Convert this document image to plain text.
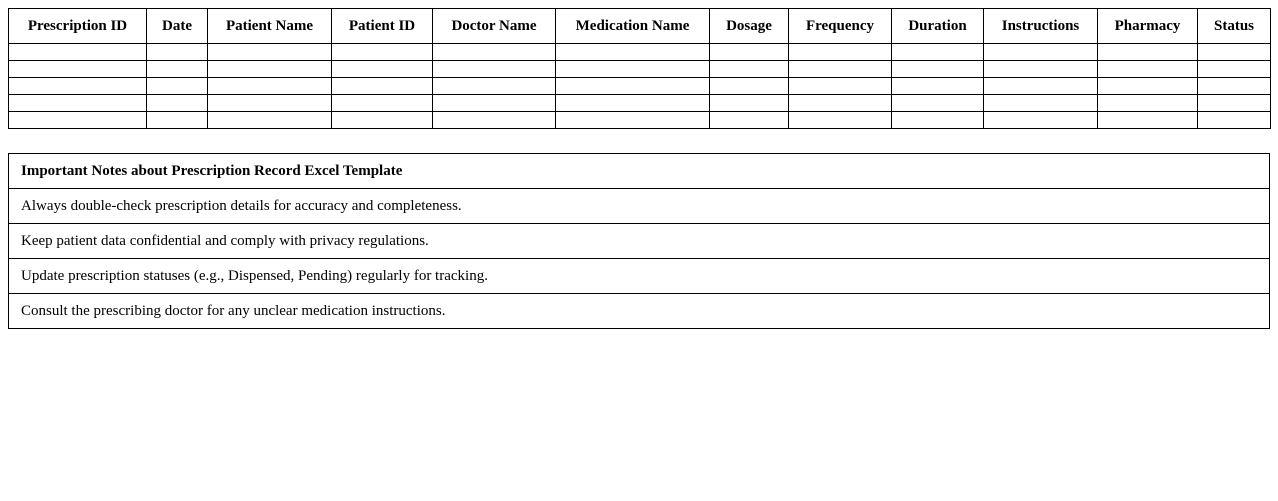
Prescription ID	Date	Patient Name	Patient ID	Doctor Name	Medication Name	Dosage	Frequency	Duration	Instructions	Pharmacy	Status

Important Notes about Prescription Record Excel Template
Always double-check prescription details for accuracy and completeness.
Keep patient data confidential and comply with privacy regulations.
Update prescription statuses (e.g., Dispensed, Pending) regularly for tracking.
Consult the prescribing doctor for any unclear medication instructions.
